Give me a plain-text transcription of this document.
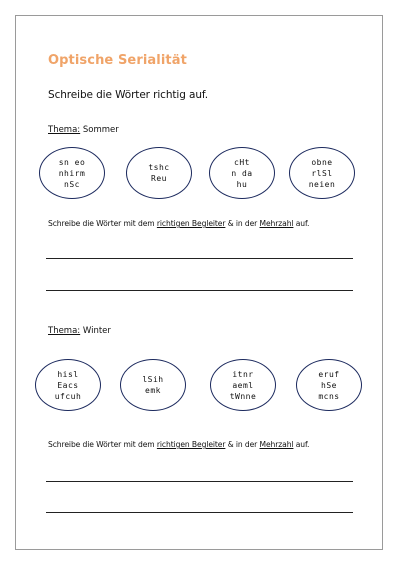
Optische Serialität
Schreibe die Wörter richtig auf.
Thema: Sommer
sn eo
nhirm
nSc
tshc
Reu
cHt
n da
hu
obne
rlSl
neien
Schreibe die Wörter mit dem richtigen Begleiter & in der Mehrzahl auf.
Thema: Winter
hisl
Eacs
ufcuh
lSih
emk
itnr
aeml
tWnne
eruf
hSe
mcns
Schreibe die Wörter mit dem richtigen Begleiter & in der Mehrzahl auf.
